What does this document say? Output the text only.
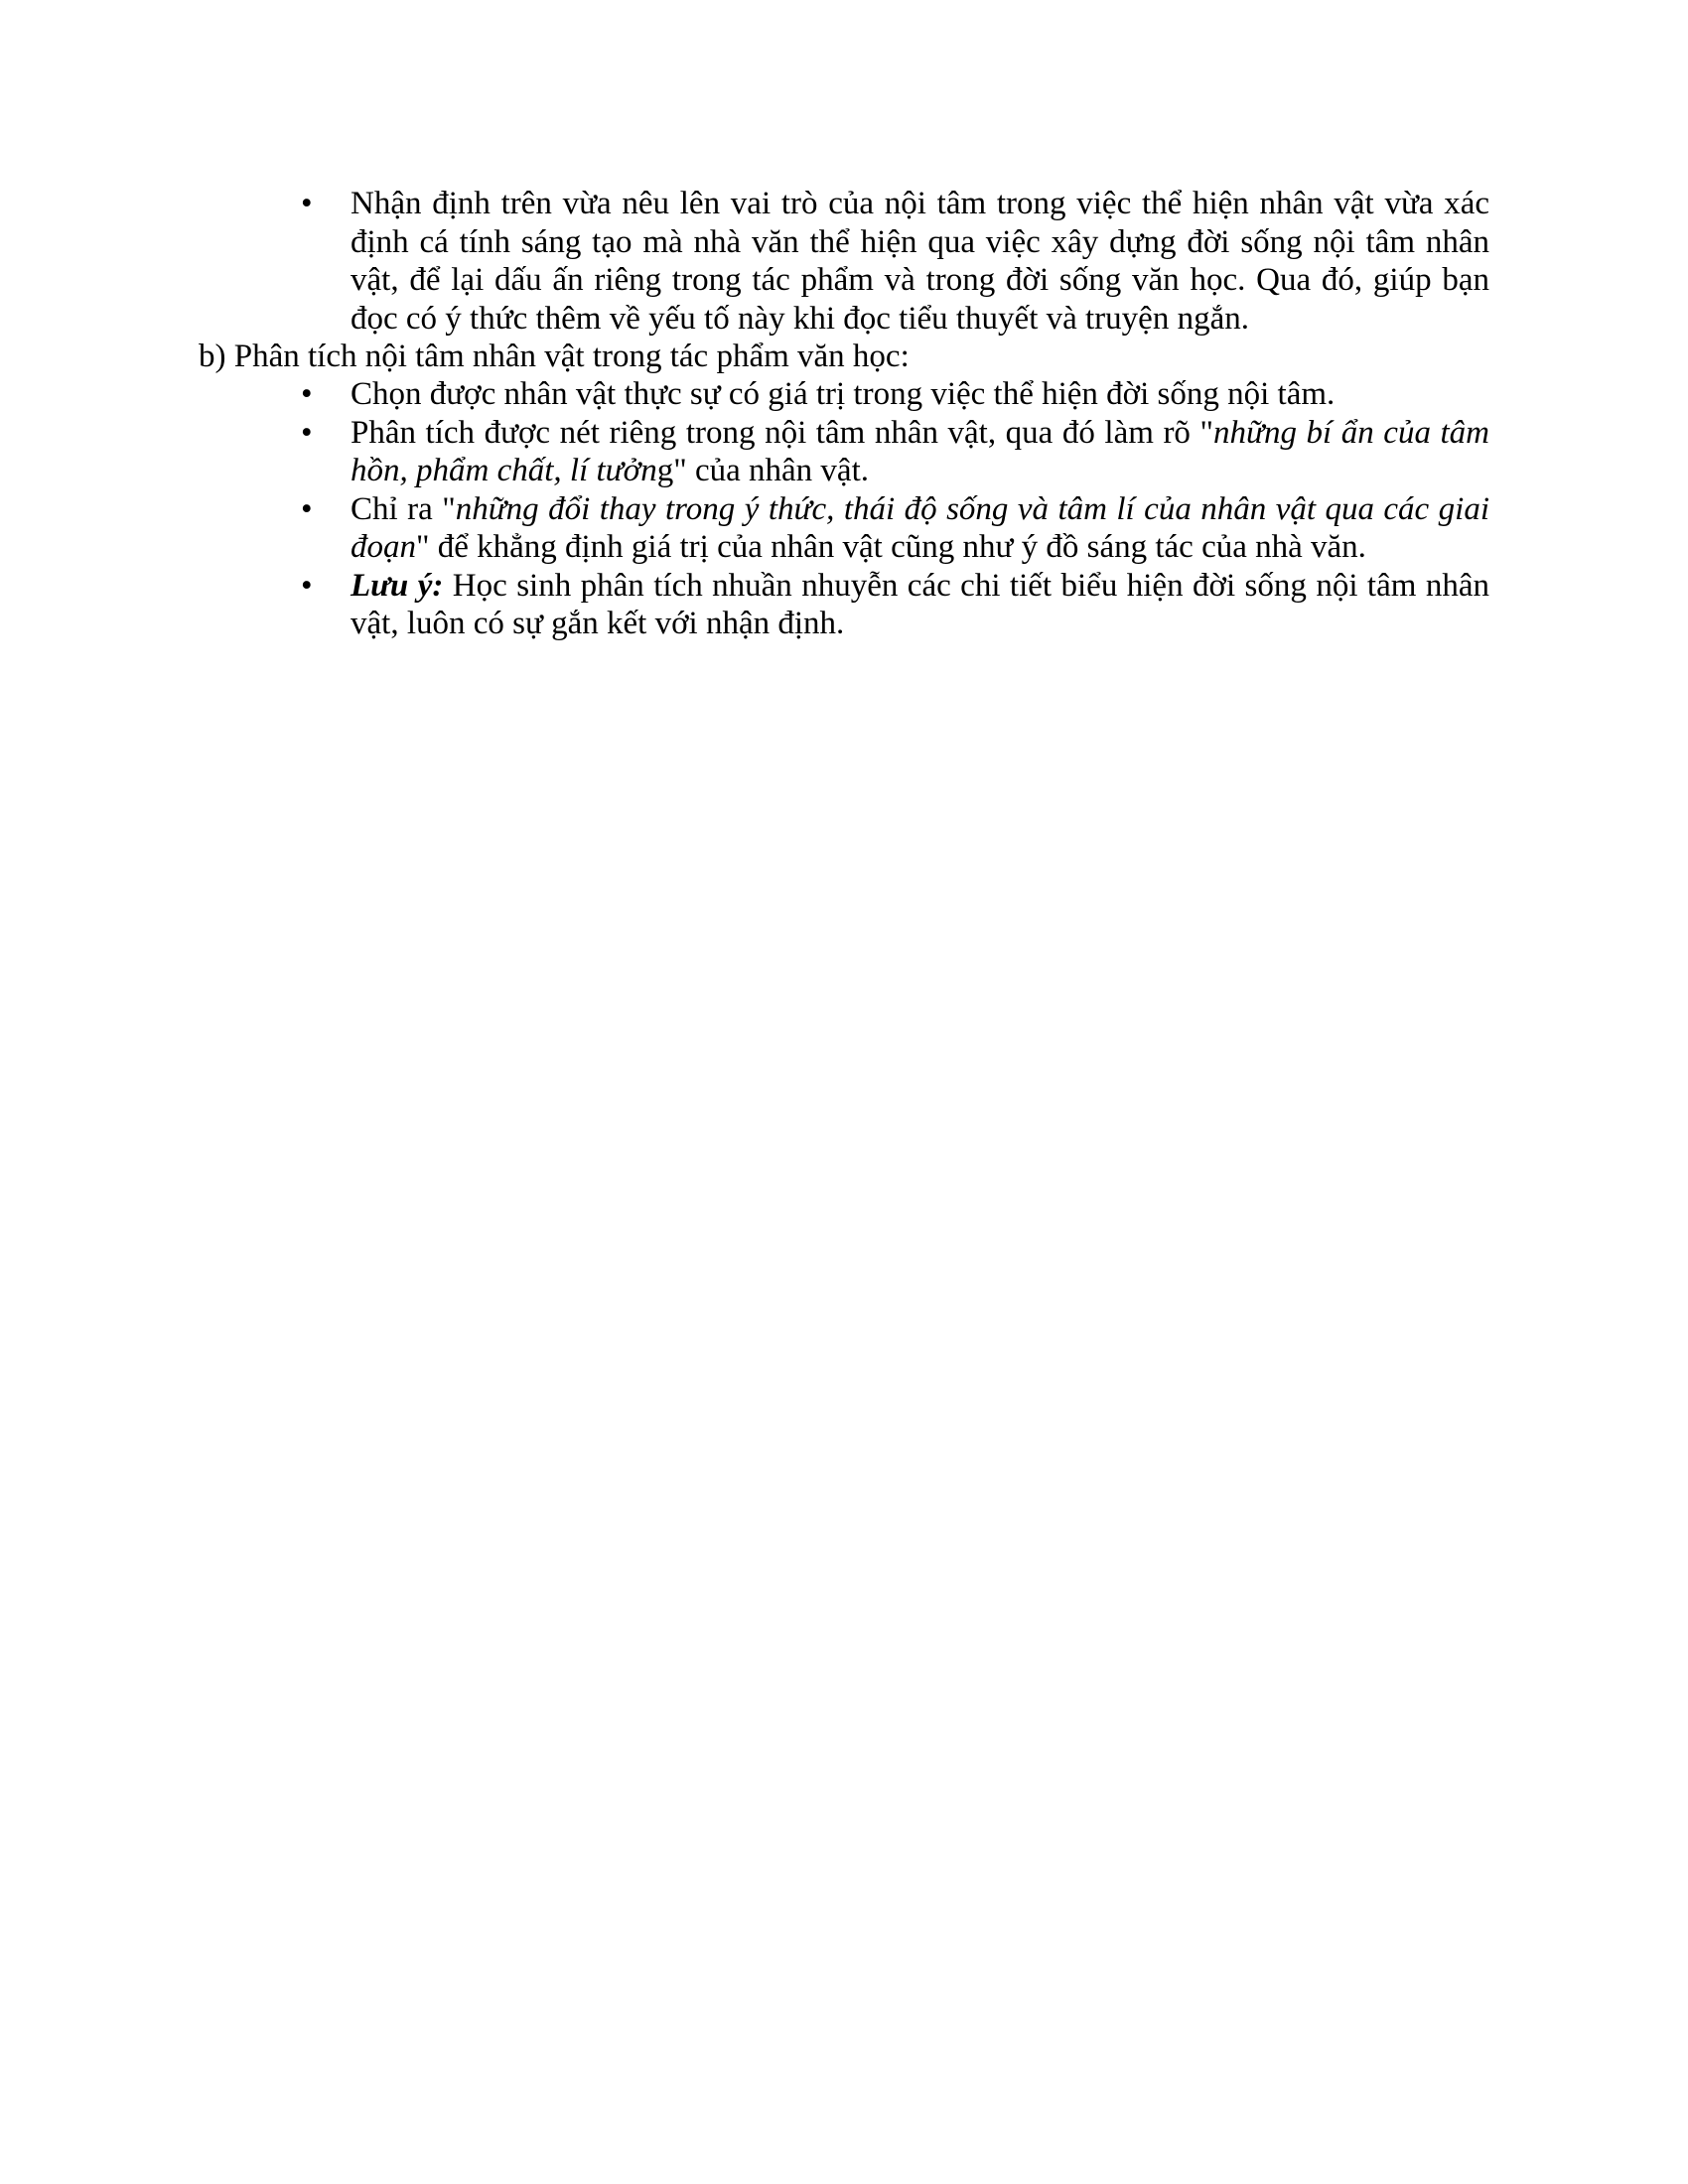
• Nhận định trên vừa nêu lên vai trò của nội tâm trong việc thể hiện nhân vật vừa xác định cá tính sáng tạo mà nhà văn thể hiện qua việc xây dựng đời sống nội tâm nhân vật, để lại dấu ấn riêng trong tác phẩm và trong đời sống văn học. Qua đó, giúp bạn đọc có ý thức thêm về yếu tố này khi đọc tiểu thuyết và truyện ngắn.
b) Phân tích nội tâm nhân vật trong tác phẩm văn học:
• Chọn được nhân vật thực sự có giá trị trong việc thể hiện đời sống nội tâm.
• Phân tích được nét riêng trong nội tâm nhân vật, qua đó làm rõ "những bí ẩn của tâm hồn, phẩm chất, lí tưởng" của nhân vật.
• Chỉ ra "những đổi thay trong ý thức, thái độ sống và tâm lí của nhân vật qua các giai đoạn" để khẳng định giá trị của nhân vật cũng như ý đồ sáng tác của nhà văn.
• Lưu ý: Học sinh phân tích nhuần nhuyễn các chi tiết biểu hiện đời sống nội tâm nhân vật, luôn có sự gắn kết với nhận định.
